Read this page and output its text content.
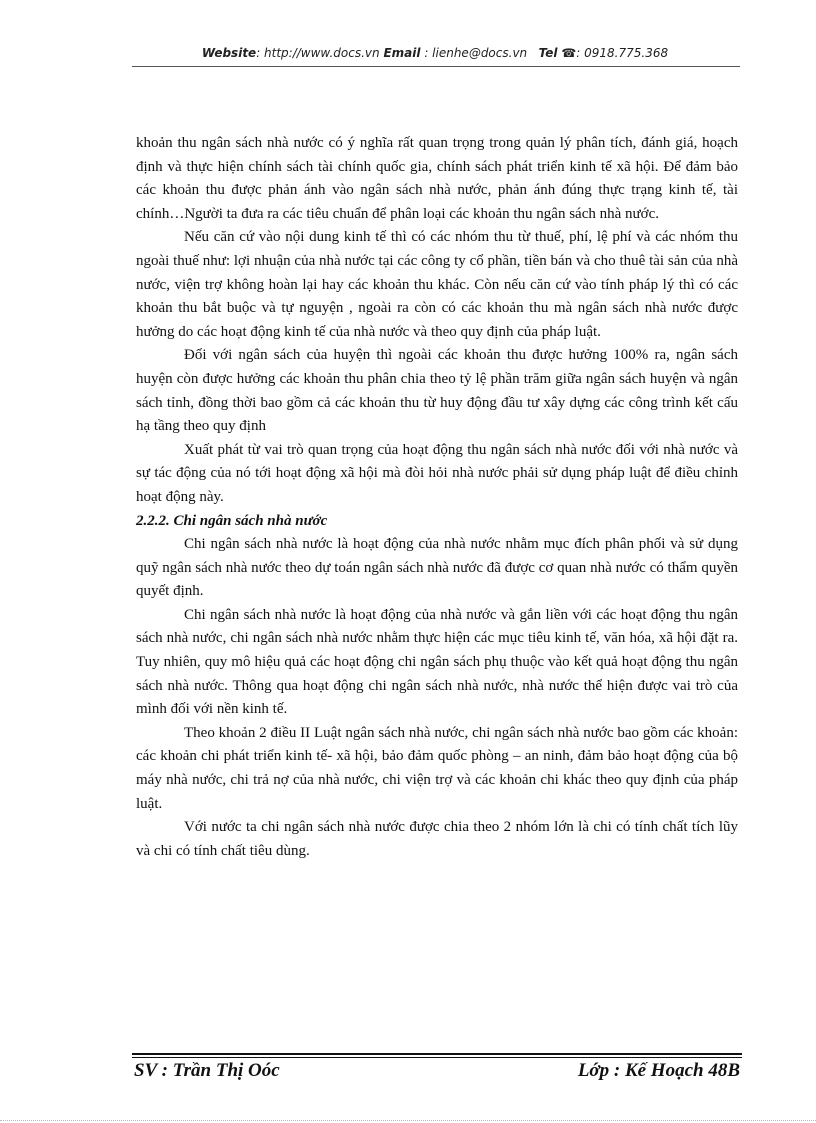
Website: http://www.docs.vn Email : lienhe@docs.vn Tel ☎: 0918.775.368

khoản thu ngân sách nhà nước có ý nghĩa rất quan trọng trong quản lý phân tích, đánh giá, hoạch định và thực hiện chính sách tài chính quốc gia, chính sách phát triển kinh tế xã hội. Để đảm bảo các khoản thu được phản ánh vào ngân sách nhà nước, phản ánh đúng thực trạng kinh tế, tài chính…Người ta đưa ra các tiêu chuẩn để phân loại các khoản thu ngân sách nhà nước.

Nếu căn cứ vào nội dung kinh tế thì có các nhóm thu từ thuế, phí, lệ phí và các nhóm thu ngoài thuế như: lợi nhuận của nhà nước tại các công ty cổ phần, tiền bán và cho thuê tài sản của nhà nước, viện trợ không hoàn lại hay các khoản thu khác. Còn nếu căn cứ vào tính pháp lý thì có các khoản thu bắt buộc và tự nguyện , ngoài ra còn có các khoản thu mà ngân sách nhà nước được hưởng do các hoạt động kinh tế của nhà nước và theo quy định của pháp luật.

Đối với ngân sách của huyện thì ngoài các khoản thu được hưởng 100% ra, ngân sách huyện còn được hưởng các khoản thu phân chia theo tỷ lệ phần trăm giữa ngân sách huyện và ngân sách tỉnh, đồng thời bao gồm cả các khoản thu từ huy động đầu tư xây dựng các công trình kết cấu hạ tầng theo quy định

Xuất phát từ vai trò quan trọng của hoạt động thu ngân sách nhà nước đối với nhà nước và sự tác động của nó tới hoạt động xã hội mà đòi hỏi nhà nước phải sử dụng pháp luật để điều chỉnh hoạt động này.

2.2.2. Chi ngân sách nhà nước

Chi ngân sách nhà nước là hoạt động của nhà nước nhằm mục đích phân phối và sử dụng quỹ ngân sách nhà nước theo dự toán ngân sách nhà nước đã được cơ quan nhà nước có thẩm quyền quyết định.

Chi ngân sách nhà nước là hoạt động của nhà nước và gắn liền với các hoạt động thu ngân sách nhà nước, chi ngân sách nhà nước nhằm thực hiện các mục tiêu kinh tế, văn hóa, xã hội đặt ra. Tuy nhiên, quy mô hiệu quả các hoạt động chi ngân sách phụ thuộc vào kết quả hoạt động thu ngân sách nhà nước. Thông qua hoạt động chi ngân sách nhà nước, nhà nước thể hiện được vai trò của mình đối với nền kinh tế.

Theo khoản 2 điều II Luật ngân sách nhà nước, chi ngân sách nhà nước bao gồm các khoản: các khoản chi phát triển kinh tế- xã hội, bảo đảm quốc phòng – an ninh, đảm bảo hoạt động của bộ máy nhà nước, chi trả nợ của nhà nước, chi viện trợ và các khoản chi khác theo quy định của pháp luật.

Với nước ta chi ngân sách nhà nước được chia theo 2 nhóm lớn là chi có tính chất tích lũy và chi có tính chất tiêu dùng.

SV : Trần Thị Oóc	Lớp : Kế Hoạch 48B
